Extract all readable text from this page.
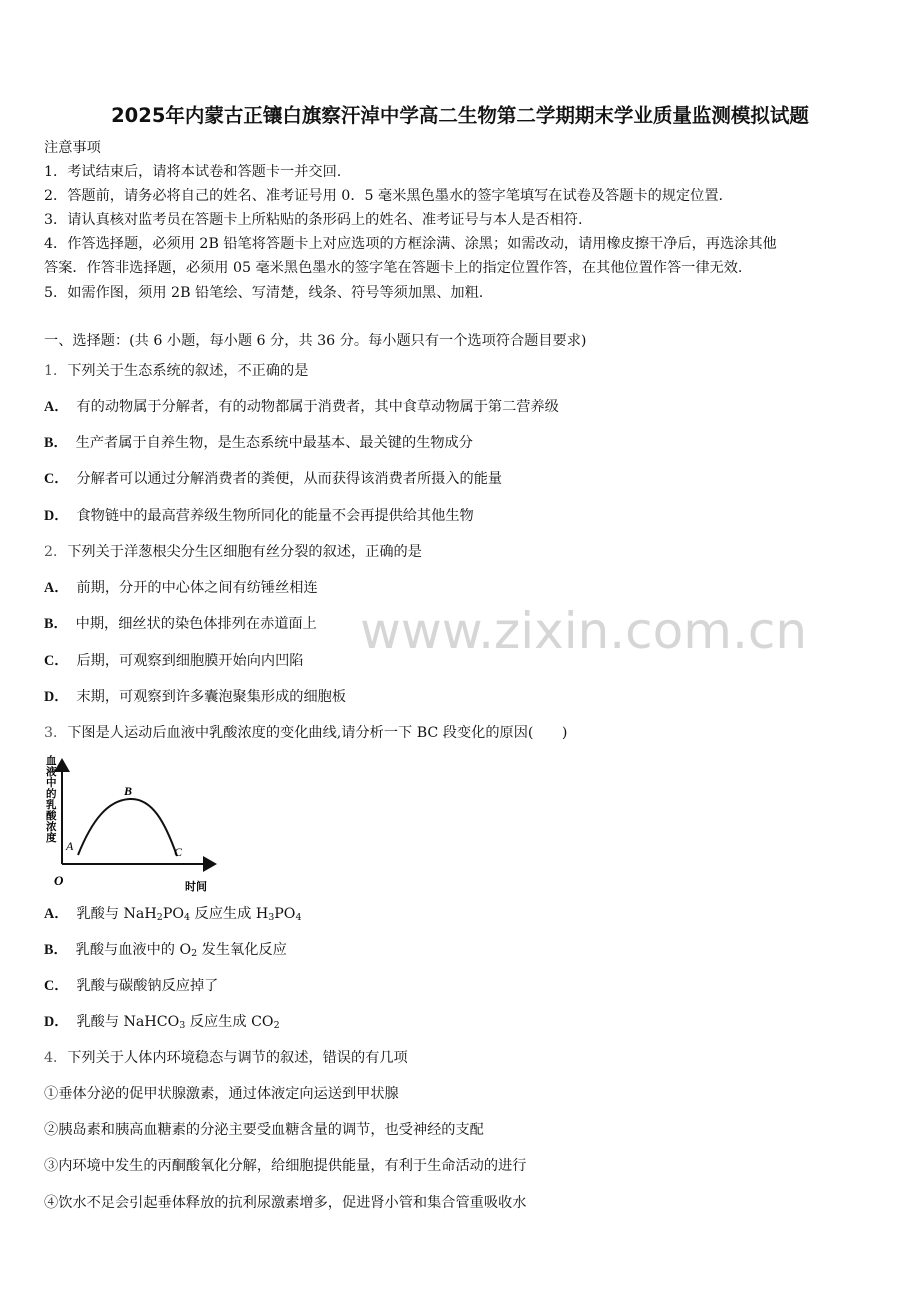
www.zixin.com.cn
2025年内蒙古正镶白旗察汗淖中学高二生物第二学期期末学业质量监测模拟试题
注意事项
1．考试结束后，请将本试卷和答题卡一并交回.
2．答题前，请务必将自己的姓名、准考证号用 0．5 毫米黑色墨水的签字笔填写在试卷及答题卡的规定位置.
3．请认真核对监考员在答题卡上所粘贴的条形码上的姓名、准考证号与本人是否相符.
4．作答选择题，必须用 2B 铅笔将答题卡上对应选项的方框涂满、涂黑；如需改动，请用橡皮擦干净后，再选涂其他
答案．作答非选择题，必须用 05 毫米黑色墨水的签字笔在答题卡上的指定位置作答，在其他位置作答一律无效.
5．如需作图，须用 2B 铅笔绘、写清楚，线条、符号等须加黑、加粗.
一、选择题：(共 6 小题，每小题 6 分，共 36 分。每小题只有一个选项符合题目要求)
1．下列关于生态系统的叙述，不正确的是
A． 有的动物属于分解者，有的动物都属于消费者，其中食草动物属于第二营养级
B． 生产者属于自养生物，是生态系统中最基本、最关键的生物成分
C． 分解者可以通过分解消费者的粪便，从而获得该消费者所摄入的能量
D． 食物链中的最高营养级生物所同化的能量不会再提供给其他生物
2．下列关于洋葱根尖分生区细胞有丝分裂的叙述，正确的是
A． 前期，分开的中心体之间有纺锤丝相连
B． 中期，细丝状的染色体排列在赤道面上
C． 后期，可观察到细胞膜开始向内凹陷
D． 末期，可观察到许多囊泡聚集形成的细胞板
3．下图是人运动后血液中乳酸浓度的变化曲线,请分析一下 BC 段变化的原因(　　)
血液中的乳酸浓度
O	时间
A
B
C
A． 乳酸与 $NaH_2PO_4$ 反应生成 $H_3PO_4$
B． 乳酸与血液中的 $O_2$ 发生氧化反应
C． 乳酸与碳酸钠反应掉了
D． 乳酸与 NaHCO$_3$ 反应生成 $CO_2$
4．下列关于人体内环境稳态与调节的叙述，错误的有几项
①垂体分泌的促甲状腺激素，通过体液定向运送到甲状腺
②胰岛素和胰高血糖素的分泌主要受血糖含量的调节，也受神经的支配
③内环境中发生的丙酮酸氧化分解，给细胞提供能量，有利于生命活动的进行
④饮水不足会引起垂体释放的抗利尿激素增多，促进肾小管和集合管重吸收水
